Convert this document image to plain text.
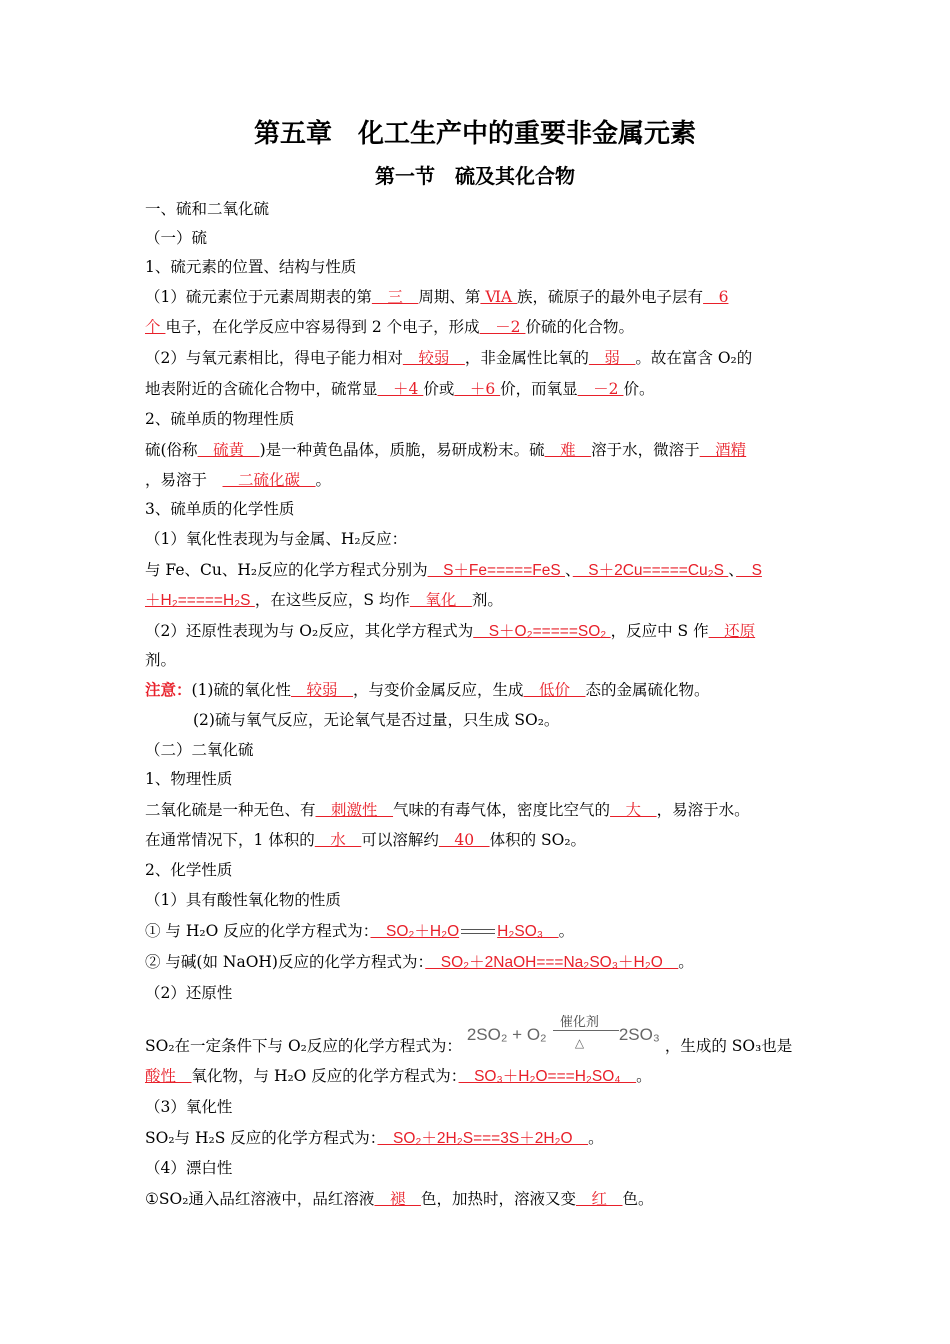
第五章　化工生产中的重要非金属元素
第一节　硫及其化合物
一、硫和二氧化硫
（一）硫
1、硫元素的位置、结构与性质
（1）硫元素位于元素周期表的第　三　周期、第 ⅥA 族，硫原子的最外电子层有　6
个 电子，在化学反应中容易得到 2 个电子，形成　－2 价硫的化合物。
（2）与氧元素相比，得电子能力相对　较弱　，非金属性比氧的　弱　。故在富含 O₂的
地表附近的含硫化合物中，硫常显　＋4 价或　＋6 价，而氧显　－2 价。
2、硫单质的物理性质
硫(俗称　硫黄　)是一种黄色晶体，质脆，易研成粉末。硫　难　溶于水，微溶于　酒精
，易溶于　　二硫化碳　。
3、硫单质的化学性质
（1）氧化性表现为与金属、H₂反应：
与 Fe、Cu、H₂反应的化学方程式分别为　S＋Fe=====FeS 、　S＋2Cu=====Cu₂S 、　S
＋H₂=====H₂S ，在这些反应，S 均作　氧化　剂。
（2）还原性表现为与 O₂反应，其化学方程式为　S＋O₂=====SO₂ ，反应中 S 作　还原
剂。
注意：(1)硫的氧化性　较弱　，与变价金属反应，生成　低价　态的金属硫化物。
(2)硫与氧气反应，无论氧气是否过量，只生成 SO₂。
（二）二氧化硫
1、物理性质
二氧化硫是一种无色、有　刺激性　气味的有毒气体，密度比空气的　大　，易溶于水。
在通常情况下，1 体积的　水　可以溶解约　40　体积的 SO₂。
2、化学性质
（1）具有酸性氧化物的性质
① 与 H₂O 反应的化学方程式为：　SO₂＋H₂O H₂SO₃　。
② 与碱(如 NaOH)反应的化学方程式为：　SO₂＋2NaOH===Na₂SO₃＋H₂O　。
（2）还原性
SO₂在一定条件下与 O₂反应的化学方程式为：
2SO₂ + O₂
催化剂
△ 2SO₃
，生成的 SO₃也是
酸性　氧化物，与 H₂O 反应的化学方程式为：　SO₃＋H₂O===H₂SO₄　。
（3）氧化性
SO₂与 H₂S 反应的化学方程式为：　SO₂＋2H₂S===3S＋2H₂O　。
（4）漂白性
①SO₂通入品红溶液中，品红溶液　褪　色，加热时，溶液又变　红　色。
